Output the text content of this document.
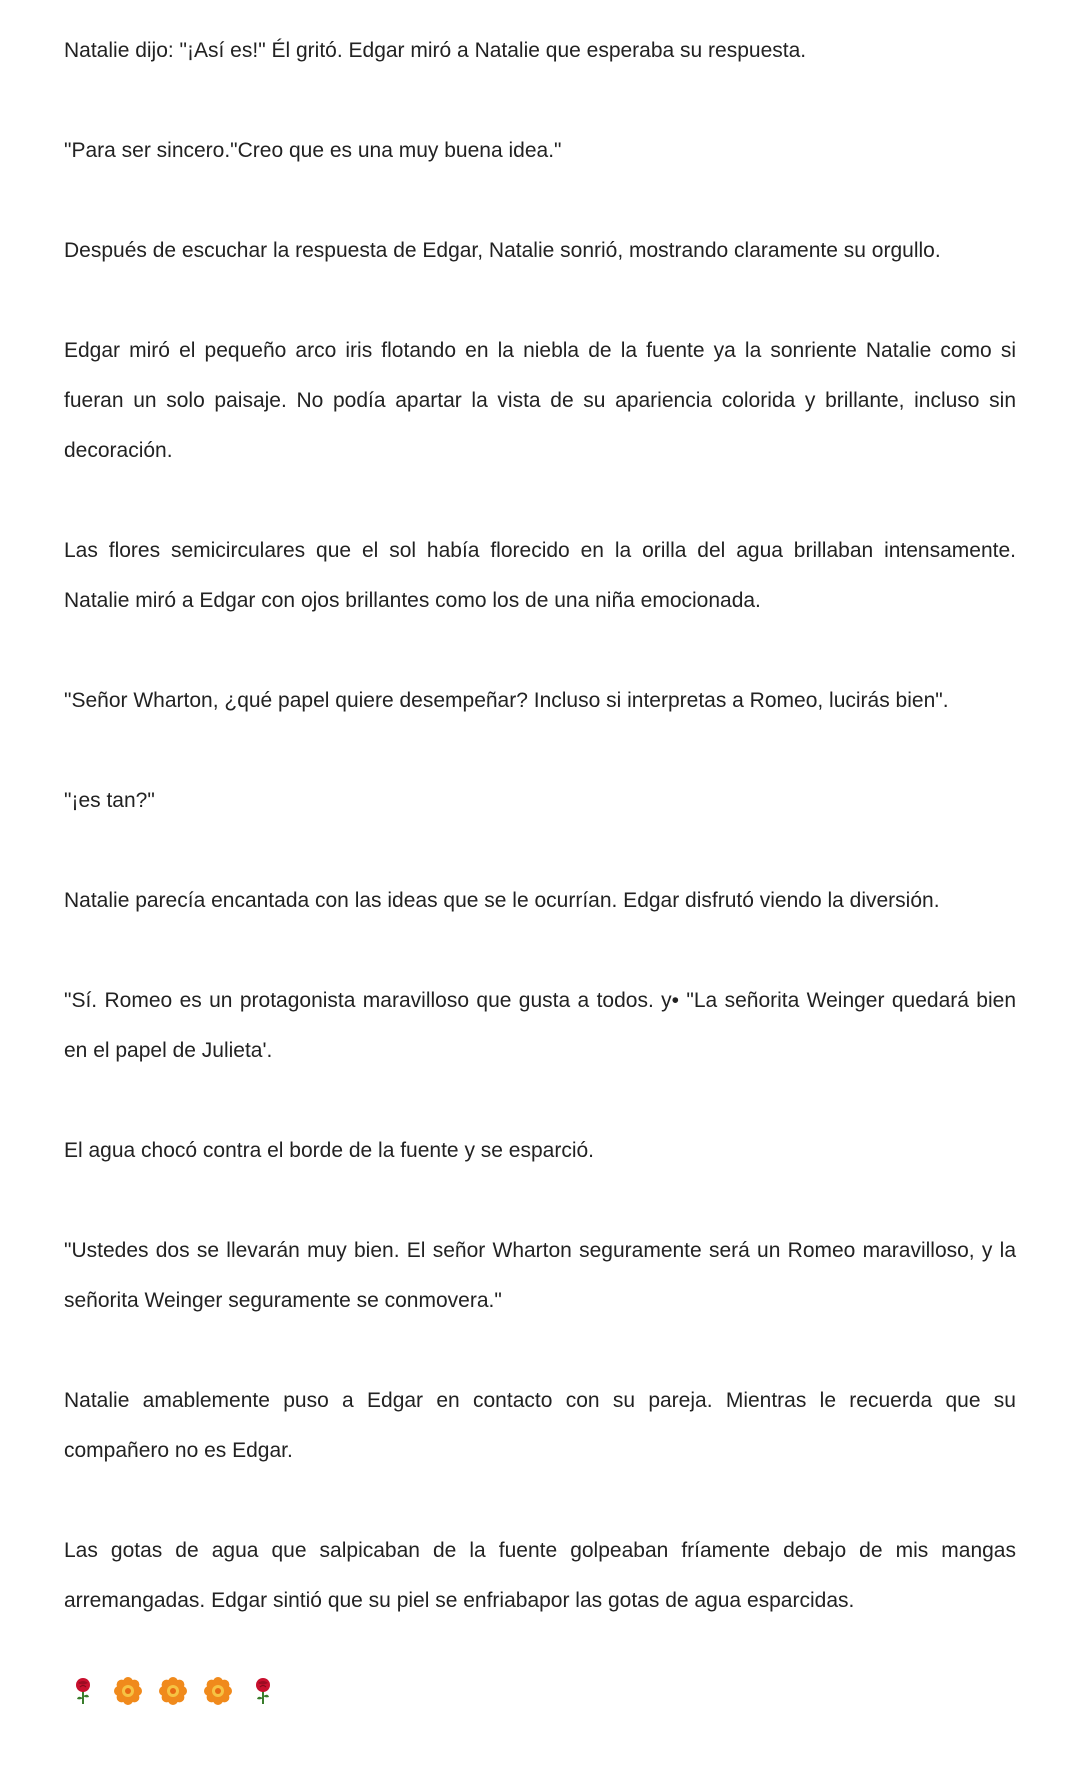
Natalie dijo: "¡Así es!" Él gritó. Edgar miró a Natalie que esperaba su respuesta.

"Para ser sincero."Creo que es una muy buena idea."

Después de escuchar la respuesta de Edgar, Natalie sonrió, mostrando claramente su orgullo.

Edgar miró el pequeño arco iris flotando en la niebla de la fuente ya la sonriente Natalie como si fueran un solo paisaje. No podía apartar la vista de su apariencia colorida y brillante, incluso sin decoración.

Las flores semicirculares que el sol había florecido en la orilla del agua brillaban intensamente. Natalie miró a Edgar con ojos brillantes como los de una niña emocionada.

"Señor Wharton, ¿qué papel quiere desempeñar? Incluso si interpretas a Romeo, lucirás bien".

"¡es tan?"

Natalie parecía encantada con las ideas que se le ocurrían. Edgar disfrutó viendo la diversión.

"Sí. Romeo es un protagonista maravilloso que gusta a todos. y• "La señorita Weinger quedará bien en el papel de Julieta'.

El agua chocó contra el borde de la fuente y se esparció.

"Ustedes dos se llevarán muy bien. El señor Wharton seguramente será un Romeo maravilloso, y la señorita Weinger seguramente se conmovera."

Natalie amablemente puso a Edgar en contacto con su pareja. Mientras le recuerda que su compañero no es Edgar.

Las gotas de agua que salpicaban de la fuente golpeaban fríamente debajo de mis mangas arremangadas. Edgar sintió que su piel se enfriabapor las gotas de agua esparcidas.
